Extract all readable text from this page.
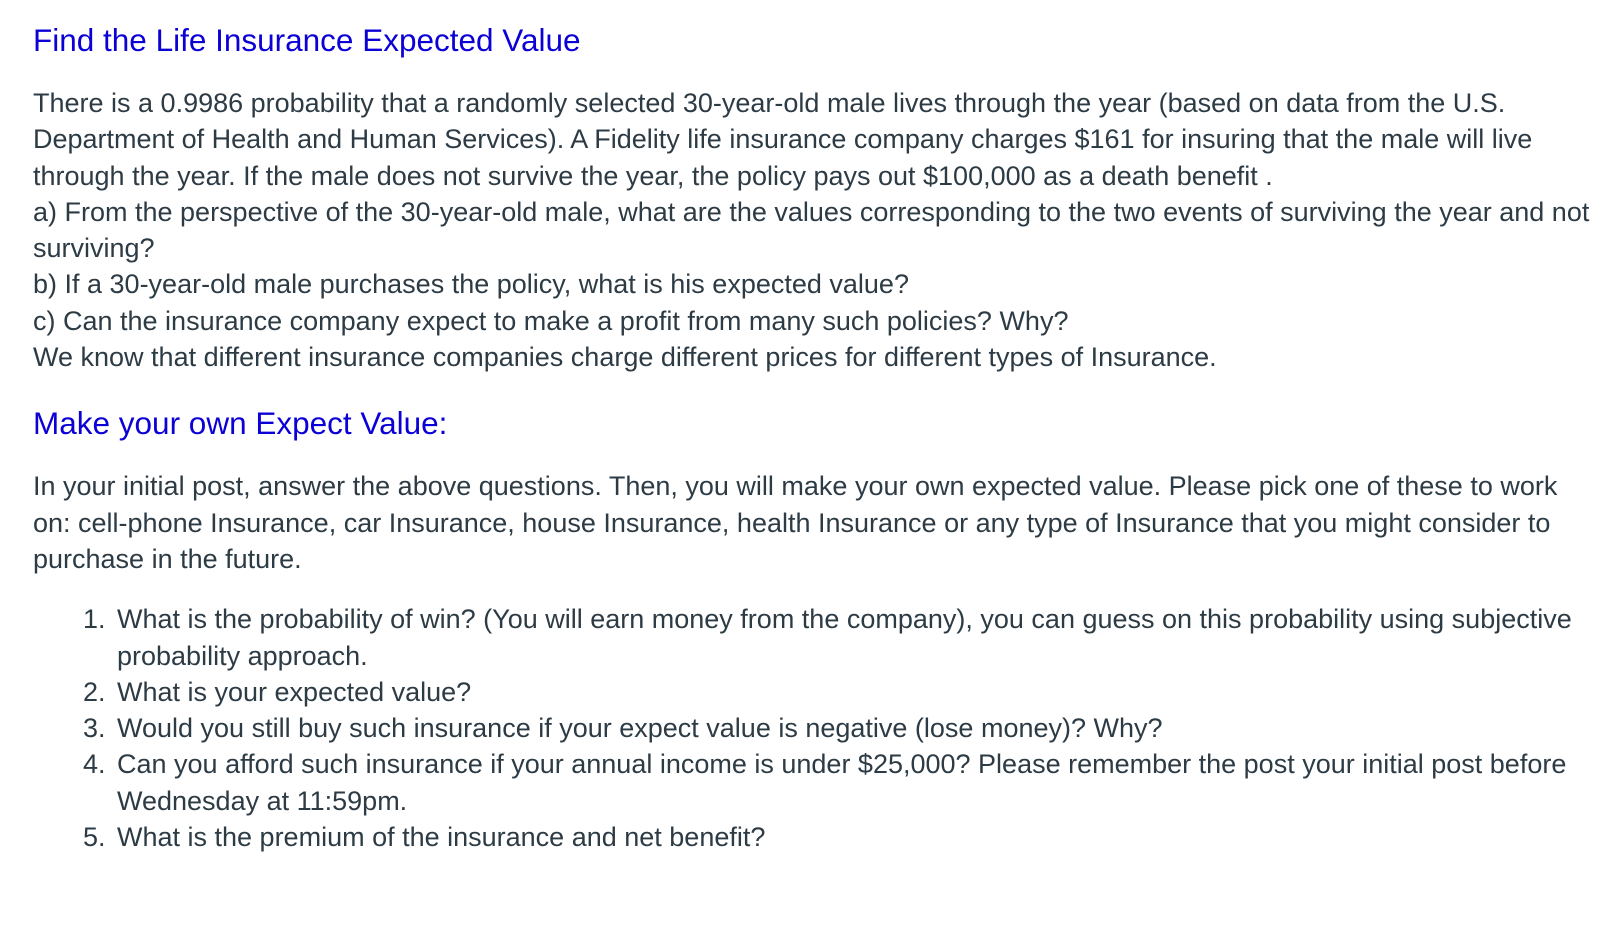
Find the Life Insurance Expected Value

There is a 0.9986 probability that a randomly selected 30-year-old male lives through the year (based on data from the U.S. Department of Health and Human Services). A Fidelity life insurance company charges $161 for insuring that the male will live through the year. If the male does not survive the year, the policy pays out $100,000 as a death benefit .

a) From the perspective of the 30-year-old male, what are the values corresponding to the two events of surviving the year and not surviving?

b) If a 30-year-old male purchases the policy, what is his expected value?

c) Can the insurance company expect to make a profit from many such policies? Why?

We know that different insurance companies charge different prices for different types of Insurance.

Make your own Expect Value:

In your initial post, answer the above questions. Then, you will make your own expected value. Please pick one of these to work on: cell-phone Insurance, car Insurance, house Insurance, health Insurance or any type of Insurance that you might consider to purchase in the future.

1. What is the probability of win? (You will earn money from the company), you can guess on this probability using subjective probability approach.
2. What is your expected value?
3. Would you still buy such insurance if your expect value is negative (lose money)? Why?
4. Can you afford such insurance if your annual income is under $25,000? Please remember the post your initial post before Wednesday at 11:59pm.
5. What is the premium of the insurance and net benefit?
